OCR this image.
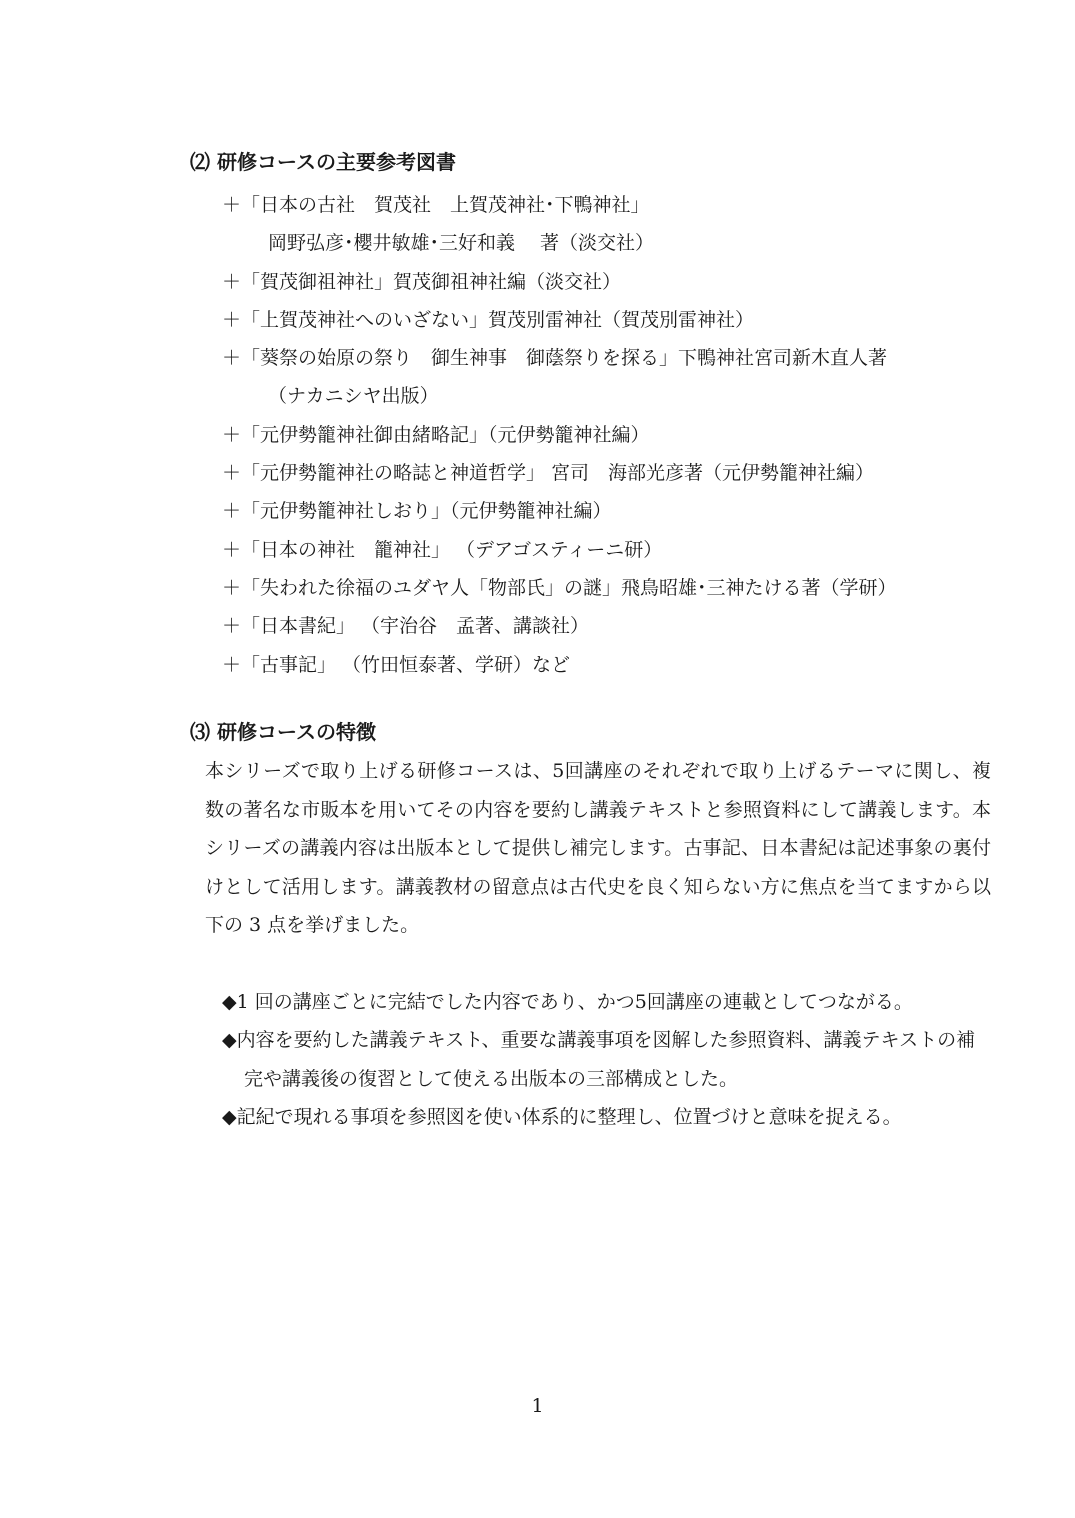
⑵ 研修コースの主要参考図書
＋「日本の古社　賀茂社　上賀茂神社･下鴨神社」
岡野弘彦･櫻井敏雄･三好和義　 著（淡交社）
＋「賀茂御祖神社」賀茂御祖神社編（淡交社）
＋「上賀茂神社へのいざない」賀茂別雷神社（賀茂別雷神社）
＋「葵祭の始原の祭り　御生神事　御蔭祭りを探る」下鴨神社宮司新木直人著
（ナカニシヤ出版）
＋「元伊勢籠神社御由緒略記」（元伊勢籠神社編）
＋「元伊勢籠神社の略誌と神道哲学」 宮司　海部光彦著（元伊勢籠神社編）
＋「元伊勢籠神社しおり」（元伊勢籠神社編）
＋「日本の神社　籠神社」 （デアゴスティーニ研）
＋「失われた徐福のユダヤ人「物部氏」の謎」飛鳥昭雄･三神たける著（学研）
＋「日本書紀」 （宇治谷　孟著、講談社）
＋「古事記」 （竹田恒泰著、学研）など
⑶ 研修コースの特徴

本シリーズで取り上げる研修コースは、5回講座のそれぞれで取り上げるテーマに関し、複数の著名な市販本を用いてその内容を要約し講義テキストと参照資料にして講義します。本シリーズの講義内容は出版本として提供し補完します。古事記、日本書紀は記述事象の裏付けとして活用します。講義教材の留意点は古代史を良く知らない方に焦点を当てますから以下の 3 点を挙げました。

◆1 回の講座ごとに完結でした内容であり、かつ5回講座の連載としてつながる。
◆内容を要約した講義テキスト、重要な講義事項を図解した参照資料、講義テキストの補完や講義後の復習として使える出版本の三部構成とした。
◆記紀で現れる事項を参照図を使い体系的に整理し、位置づけと意味を捉える。
1
